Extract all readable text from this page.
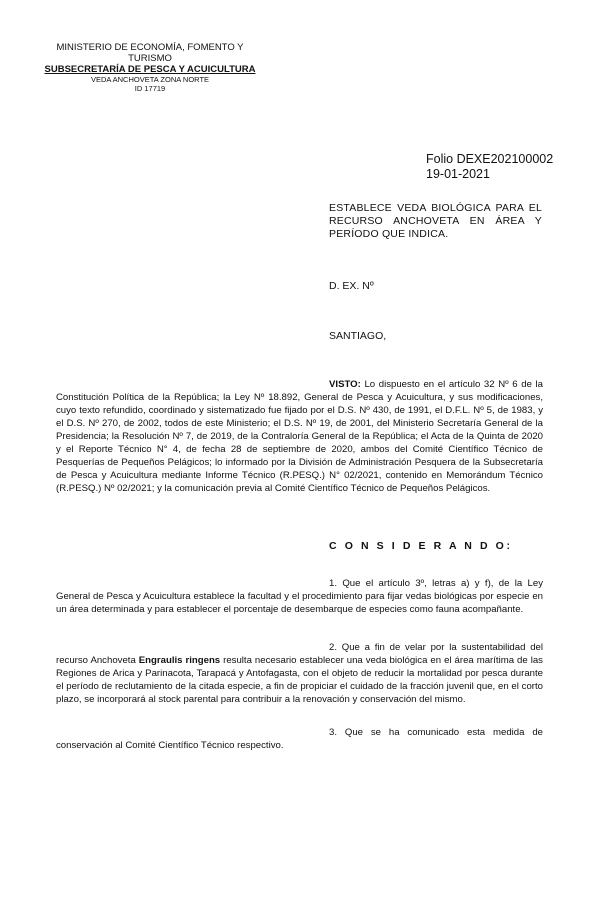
MINISTERIO DE ECONOMÍA, FOMENTO Y TURISMO
SUBSECRETARÍA DE PESCA Y ACUICULTURA
VEDA ANCHOVETA ZONA NORTE
ID 17719
Folio DEXE202100002
19-01-2021
ESTABLECE VEDA BIOLÓGICA PARA EL RECURSO ANCHOVETA EN ÁREA Y PERÍODO QUE INDICA.
D. EX. Nº
SANTIAGO,
VISTO: Lo dispuesto en el artículo 32 Nº 6 de la Constitución Política de la República; la Ley Nº 18.892, General de Pesca y Acuicultura, y sus modificaciones, cuyo texto refundido, coordinado y sistematizado fue fijado por el D.S. Nº 430, de 1991, el D.F.L. Nº 5, de 1983, y el D.S. Nº 270, de 2002, todos de este Ministerio; el D.S. Nº 19, de 2001, del Ministerio Secretaría General de la Presidencia; la Resolución Nº 7, de 2019, de la Contraloría General de la República; el Acta de la Quinta de 2020 y el Reporte Técnico N° 4, de fecha 28 de septiembre de 2020, ambos del Comité Científico Técnico de Pesquerías de Pequeños Pelágicos; lo informado por la División de Administración Pesquera de la Subsecretaría de Pesca y Acuicultura mediante Informe Técnico (R.PESQ.) N° 02/2021, contenido en Memorándum Técnico (R.PESQ.) Nº 02/2021; y la comunicación previa al Comité Científico Técnico de Pequeños Pelágicos.
C O N S I D E R A N D O:
1. Que el artículo 3º, letras a) y f), de la Ley General de Pesca y Acuicultura establece la facultad y el procedimiento para fijar vedas biológicas por especie en un área determinada y para establecer el porcentaje de desembarque de especies como fauna acompañante.
2. Que a fin de velar por la sustentabilidad del recurso Anchoveta Engraulis ringens resulta necesario establecer una veda biológica en el área marítima de las Regiones de Arica y Parinacota, Tarapacá y Antofagasta, con el objeto de reducir la mortalidad por pesca durante el período de reclutamiento de la citada especie, a fin de propiciar el cuidado de la fracción juvenil que, en el corto plazo, se incorporará al stock parental para contribuir a la renovación y conservación del mismo.
3. Que se ha comunicado esta medida de conservación al Comité Científico Técnico respectivo.
